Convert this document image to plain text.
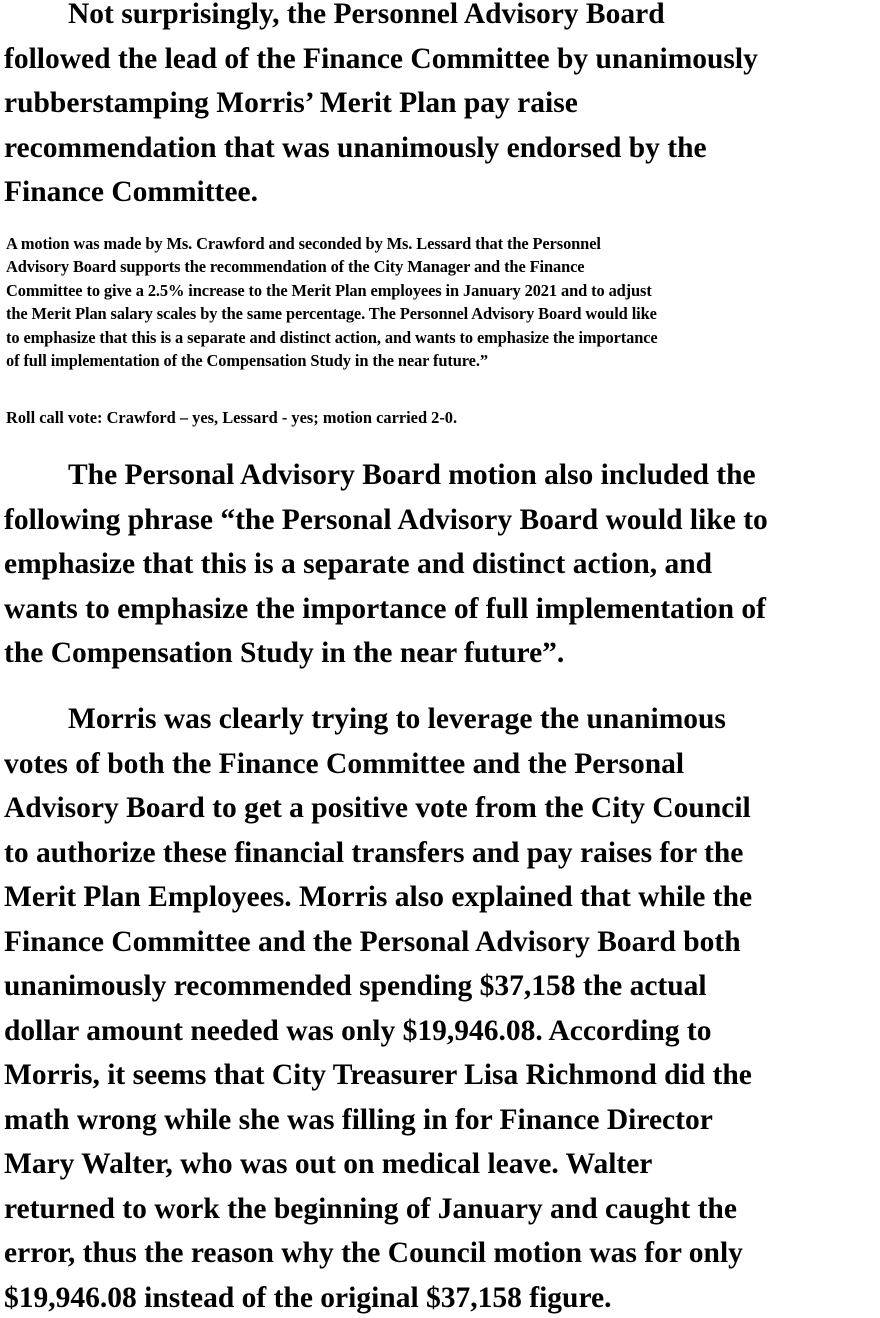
Not surprisingly, the Personnel Advisory Board
followed the lead of the Finance Committee by unanimously
rubberstamping Morris’ Merit Plan pay raise
recommendation that was unanimously endorsed by the
Finance Committee.

A motion was made by Ms. Crawford and seconded by Ms. Lessard that the Personnel
Advisory Board supports the recommendation of the City Manager and the Finance
Committee to give a 2.5% increase to the Merit Plan employees in January 2021 and to adjust
the Merit Plan salary scales by the same percentage. The Personnel Advisory Board would like
to emphasize that this is a separate and distinct action, and wants to emphasize the importance
of full implementation of the Compensation Study in the near future.”
Roll call vote: Crawford – yes, Lessard - yes; motion carried 2-0.

The Personal Advisory Board motion also included the
following phrase “the Personal Advisory Board would like to
emphasize that this is a separate and distinct action, and
wants to emphasize the importance of full implementation of
the Compensation Study in the near future”.

Morris was clearly trying to leverage the unanimous
votes of both the Finance Committee and the Personal
Advisory Board to get a positive vote from the City Council
to authorize these financial transfers and pay raises for the
Merit Plan Employees. Morris also explained that while the
Finance Committee and the Personal Advisory Board both
unanimously recommended spending $37,158 the actual
dollar amount needed was only $19,946.08. According to
Morris, it seems that City Treasurer Lisa Richmond did the
math wrong while she was filling in for Finance Director
Mary Walter, who was out on medical leave. Walter
returned to work the beginning of January and caught the
error, thus the reason why the Council motion was for only
$19,946.08 instead of the original $37,158 figure.
